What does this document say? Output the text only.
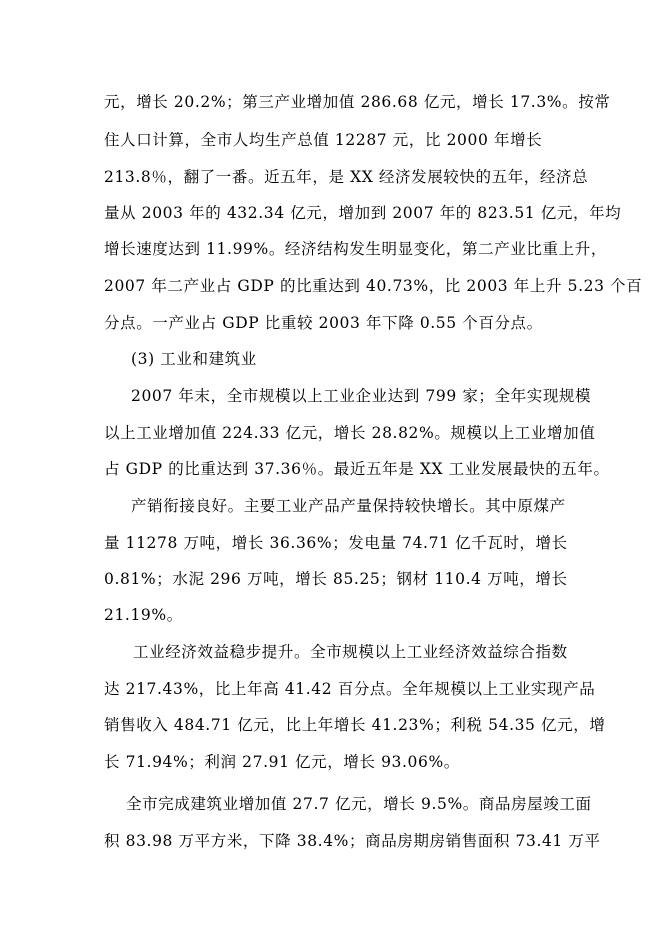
元，增长 20.2%；第三产业增加值 286.68 亿元，增长 17.3%。按常
住人口计算，全市人均生产总值 12287 元，比 2000 年增长
213.8％，翻了一番。近五年，是 XX 经济发展较快的五年，经济总
量从 2003 年的 432.34 亿元，增加到 2007 年的 823.51 亿元，年均
增长速度达到 11.99%。经济结构发生明显变化，第二产业比重上升，
2007 年二产业占 GDP 的比重达到 40.73%，比 2003 年上升 5.23 个百
分点。一产业占 GDP 比重较 2003 年下降 0.55 个百分点。
(3) 工业和建筑业
2007 年末，全市规模以上工业企业达到 799 家；全年实现规模
以上工业增加值 224.33 亿元，增长 28.82%。规模以上工业增加值
占 GDP 的比重达到 37.36％。最近五年是 XX 工业发展最快的五年。
产销衔接良好。主要工业产品产量保持较快增长。其中原煤产
量 11278 万吨，增长 36.36%；发电量 74.71 亿千瓦时，增长
0.81%；水泥 296 万吨，增长 85.25；钢材 110.4 万吨，增长
21.19%。
工业经济效益稳步提升。全市规模以上工业经济效益综合指数
达 217.43%，比上年高 41.42 百分点。全年规模以上工业实现产品
销售收入 484.71 亿元，比上年增长 41.23%；利税 54.35 亿元，增
长 71.94%；利润 27.91 亿元，增长 93.06%。
全市完成建筑业增加值 27.7 亿元，增长 9.5%。商品房屋竣工面
积 83.98 万平方米，下降 38.4%；商品房期房销售面积 73.41 万平
